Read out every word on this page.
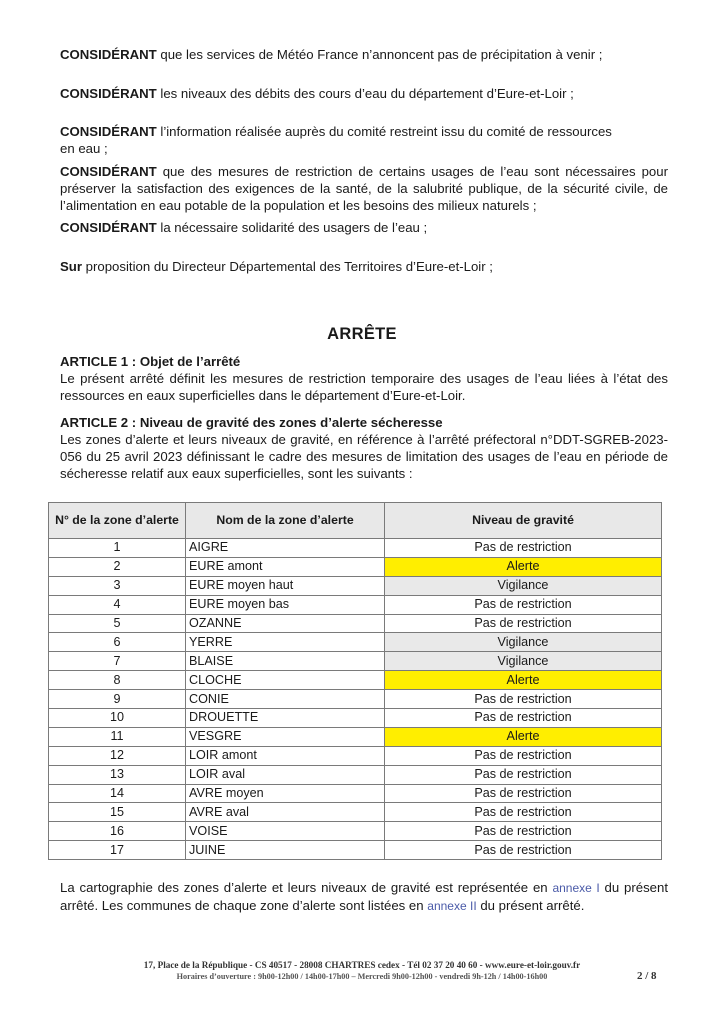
CONSIDÉRANT que les services de Météo France n’annoncent pas de précipitation à venir ;

CONSIDÉRANT les niveaux des débits des cours d’eau du département d’Eure-et-Loir ;

CONSIDÉRANT l’information réalisée auprès du comité restreint issu du comité de ressources en eau ;

CONSIDÉRANT que des mesures de restriction de certains usages de l’eau sont nécessaires pour préserver la satisfaction des exigences de la santé, de la salubrité publique, de la sécurité civile, de l’alimentation en eau potable de la population et les besoins des milieux naturels ;

CONSIDÉRANT la nécessaire solidarité des usagers de l’eau ;

Sur proposition du Directeur Départemental des Territoires d’Eure-et-Loir ;

ARRÊTE
ARTICLE 1 : Objet de l’arrêté
Le présent arrêté définit les mesures de restriction temporaire des usages de l’eau liées à l’état des ressources en eaux superficielles dans le département d’Eure-et-Loir.
ARTICLE 2 : Niveau de gravité des zones d’alerte sécheresse
Les zones d’alerte et leurs niveaux de gravité, en référence à l’arrêté préfectoral n°DDT-SGREB-2023-056 du 25 avril 2023 définissant le cadre des mesures de limitation des usages de l’eau en période de sécheresse relatif aux eaux superficielles, sont les suivants :
N° de la zone d’alerte	Nom de la zone d’alerte	Niveau de gravité
1	AIGRE	Pas de restriction
2	EURE amont	Alerte
3	EURE moyen haut	Vigilance
4	EURE moyen bas	Pas de restriction
5	OZANNE	Pas de restriction
6	YERRE	Vigilance
7	BLAISE	Vigilance
8	CLOCHE	Alerte
9	CONIE	Pas de restriction
10	DROUETTE	Pas de restriction
11	VESGRE	Alerte
12	LOIR amont	Pas de restriction
13	LOIR aval	Pas de restriction
14	AVRE moyen	Pas de restriction
15	AVRE aval	Pas de restriction
16	VOISE	Pas de restriction
17	JUINE	Pas de restriction

La cartographie des zones d’alerte et leurs niveaux de gravité est représentée en annexe I du présent arrêté. Les communes de chaque zone d’alerte sont listées en annexe II du présent arrêté.

17, Place de la République - CS 40517 - 28008 CHARTRES cedex - Tél 02 37 20 40 60 - www.eure-et-loir.gouv.fr
Horaires d’ouverture : 9h00-12h00 / 14h00-17h00 – Mercredi 9h00-12h00 - vendredi 9h-12h / 14h00-16h00	2 / 8
